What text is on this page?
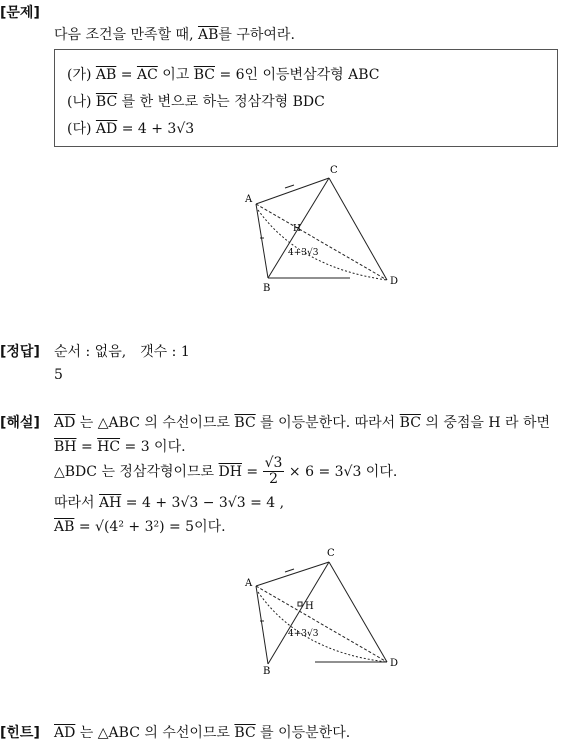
[문제]
다음 조건을 만족할 때, $\overline{AB}$를 구하여라.
(가) $\overline{AB} = \overline{AC}$ 이고 $\overline{BC} = 6$인 이등변삼각형 ABC
(나) $\overline{BC}$ 를 한 변으로 하는 정삼각형 BDC
(다) $\overline{AD} = 4 + 3√3$
A
C
B
D
H
4+3√3
[정답] 순서 : 없음,　갯수 : 1
5
[해설] $\overline{AD}$ 는 △ABC 의 수선이므로 $\overline{BC}$ 를 이등분한다. 따라서 $\overline{BC}$ 의 중점을 H 라 하면
$\overline{BH} = \overline{HC} = 3$ 이다.
△BDC 는 정삼각형이므로 $\overline{DH} = \frac{√3}{2} \times 6 = 3√3$ 이다.
따라서 $\overline{AH} = 4 + 3√3 - 3√3 = 4$ ,
$\overline{AB} = √(4^2 + 3^2) = 5$이다.
A
C
B
D
H
4+3√3
[힌트] $\overline{AD}$ 는 △ABC 의 수선이므로 $\overline{BC}$ 를 이등분한다.
